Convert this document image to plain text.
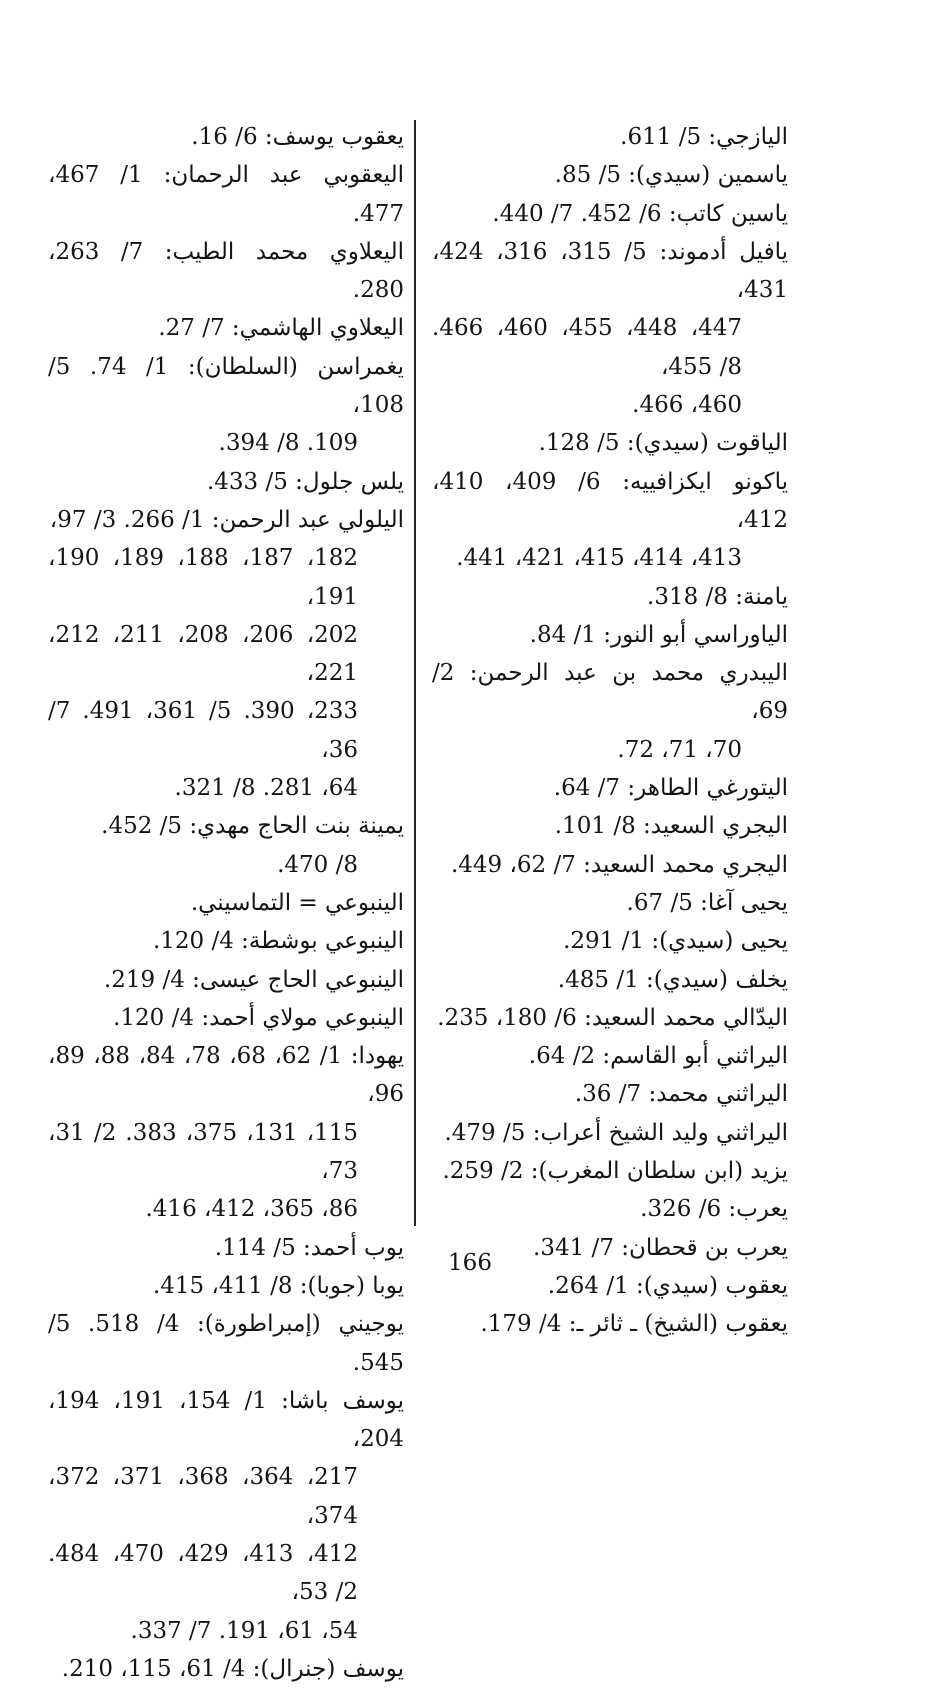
اليازجي: 5/ 611.
ياسمين (سيدي): 5/ 85.
ياسين كاتب: 6/ 452. 7/ 440.
يافيل أدموند: 5/ 315، 316، 424، 431،
447، 448، 455، 460، 466. 8/ 455،
460، 466.
الياقوت (سيدي): 5/ 128.
ياكونو ايكزافييه: 6/ 409، 410، 412،
413، 414، 415، 421، 441.
يامنة: 8/ 318.
الياوراسي أبو النور: 1/ 84.
اليبدري محمد بن عبد الرحمن: 2/ 69،
70، 71، 72.
اليتورغي الطاهر: 7/ 64.
اليجري السعيد: 8/ 101.
اليجري محمد السعيد: 7/ 62، 449.
يحيى آغا: 5/ 67.
يحيى (سيدي): 1/ 291.
يخلف (سيدي): 1/ 485.
اليدّالي محمد السعيد: 6/ 180، 235.
اليراثني أبو القاسم: 2/ 64.
اليراثني محمد: 7/ 36.
اليراثني وليد الشيخ أعراب: 5/ 479.
يزيد (ابن سلطان المغرب): 2/ 259.
يعرب: 6/ 326.
يعرب بن قحطان: 7/ 341.
يعقوب (سيدي): 1/ 264.
يعقوب (الشيخ) ـ ثائر ـ: 4/ 179.
يعقوب يوسف: 6/ 16.
اليعقوبي عبد الرحمان: 1/ 467، 477.
اليعلاوي محمد الطيب: 7/ 263، 280.
اليعلاوي الهاشمي: 7/ 27.
يغمراسن (السلطان): 1/ 74. 5/ 108،
109. 8/ 394.
يلس جلول: 5/ 433.
اليلولي عبد الرحمن: 1/ 266. 3/ 97،
182، 187، 188، 189، 190، 191،
202، 206، 208، 211، 212، 221،
233، 390. 5/ 361، 491. 7/ 36،
64، 281. 8/ 321.
يمينة بنت الحاج مهدي: 5/ 452.
8/ 470.
الينبوعي = التماسيني.
الينبوعي بوشطة: 4/ 120.
الينبوعي الحاج عيسى: 4/ 219.
الينبوعي مولاي أحمد: 4/ 120.
يهودا: 1/ 62، 68، 78، 84، 88، 89، 96،
115، 131، 375، 383. 2/ 31، 73،
86، 365، 412، 416.
يوب أحمد: 5/ 114.
يوبا (جوبا): 8/ 411، 415.
يوجيني (إمبراطورة): 4/ 518. 5/ 545.
يوسف باشا: 1/ 154، 191، 194، 204،
217، 364، 368، 371، 372، 374،
412، 413، 429، 470، 484. 2/ 53،
54، 61، 191. 7/ 337.
يوسف (جنرال): 4/ 61، 115، 210.
166
